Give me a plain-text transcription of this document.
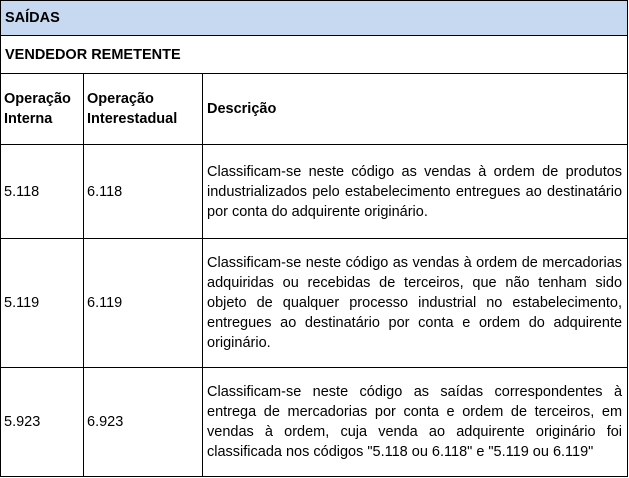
SAÍDAS		
VENDEDOR REMETENTE		
Operação Interna	Operação Interestadual	Descrição
5.118	6.118	Classificam-se neste código as vendas à ordem de produtos industrializados pelo estabelecimento entregues ao destinatário por conta do adquirente originário.
5.119	6.119	Classificam-se neste código as vendas à ordem de mercadorias adquiridas ou recebidas de terceiros, que não tenham sido objeto de qualquer processo industrial no estabelecimento, entregues ao destinatário por conta e ordem do adquirente originário.
5.923	6.923	Classificam-se neste código as saídas correspondentes à entrega de mercadorias por conta e ordem de terceiros, em vendas à ordem, cuja venda ao adquirente originário foi classificada nos códigos "5.118 ou 6.118" e "5.119 ou 6.119"
